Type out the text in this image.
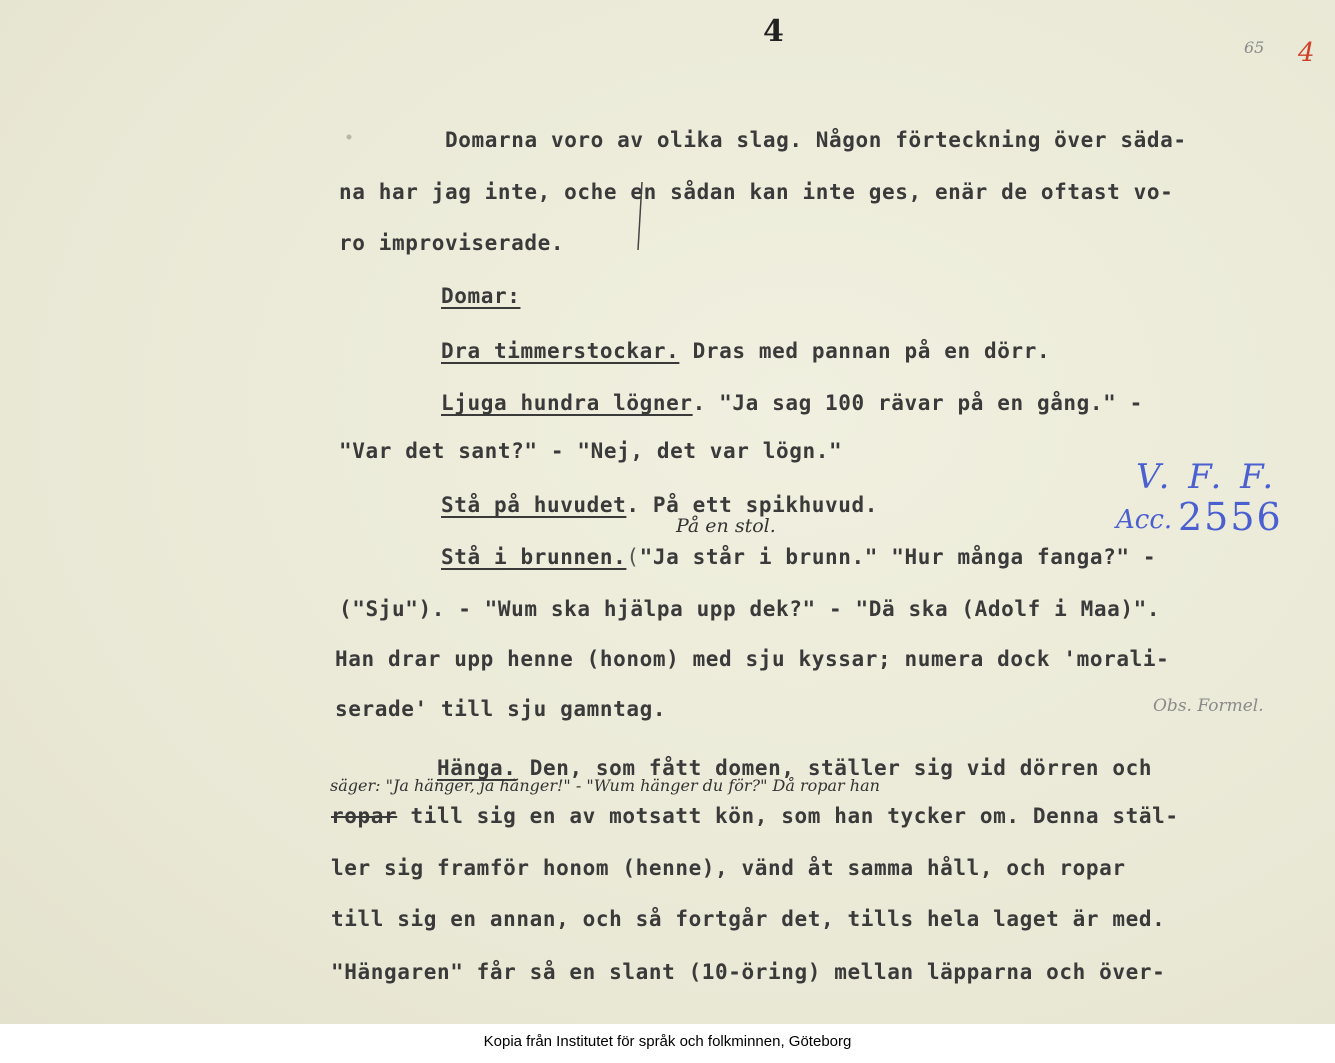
4	65 4
Domarna voro av olika slag. Någon förteckning över säda-
na har jag inte, oche en sådan kan inte ges, enär de oftast vo-
ro improviserade.
Domar:
Dra timmerstockar. Dras med pannan på en dörr.
Ljuga hundra lögner. "Ja sag 100 rävar på en gång." -
"Var det sant?" - "Nej, det var lögn."
Stå på huvudet. På ett spikhuvud.
På en stol.
Stå i brunnen.("Ja står i brunn." "Hur många fanga?" -
("Sju"). - "Wum ska hjälpa upp dek?" - "Dä ska (Adolf i Maa)".
Han drar upp henne (honom) med sju kyssar; numera dock 'morali-
serade' till sju gamntag.	Obs. Formel.
Hänga. Den, som fått domen, ställer sig vid dörren och
säger: "Ja hänger, ja hänger!" - "Wum hänger du för?" Då ropar han
ropar till sig en av motsatt kön, som han tycker om. Denna stäl-
ler sig framför honom (henne), vänd åt samma håll, och ropar
till sig en annan, och så fortgår det, tills hela laget är med.
"Hängaren" får så en slant (10-öring) mellan läpparna och över-
V. F. F.
Acc. 2556
Kopia från Institutet för språk och folkminnen, Göteborg
